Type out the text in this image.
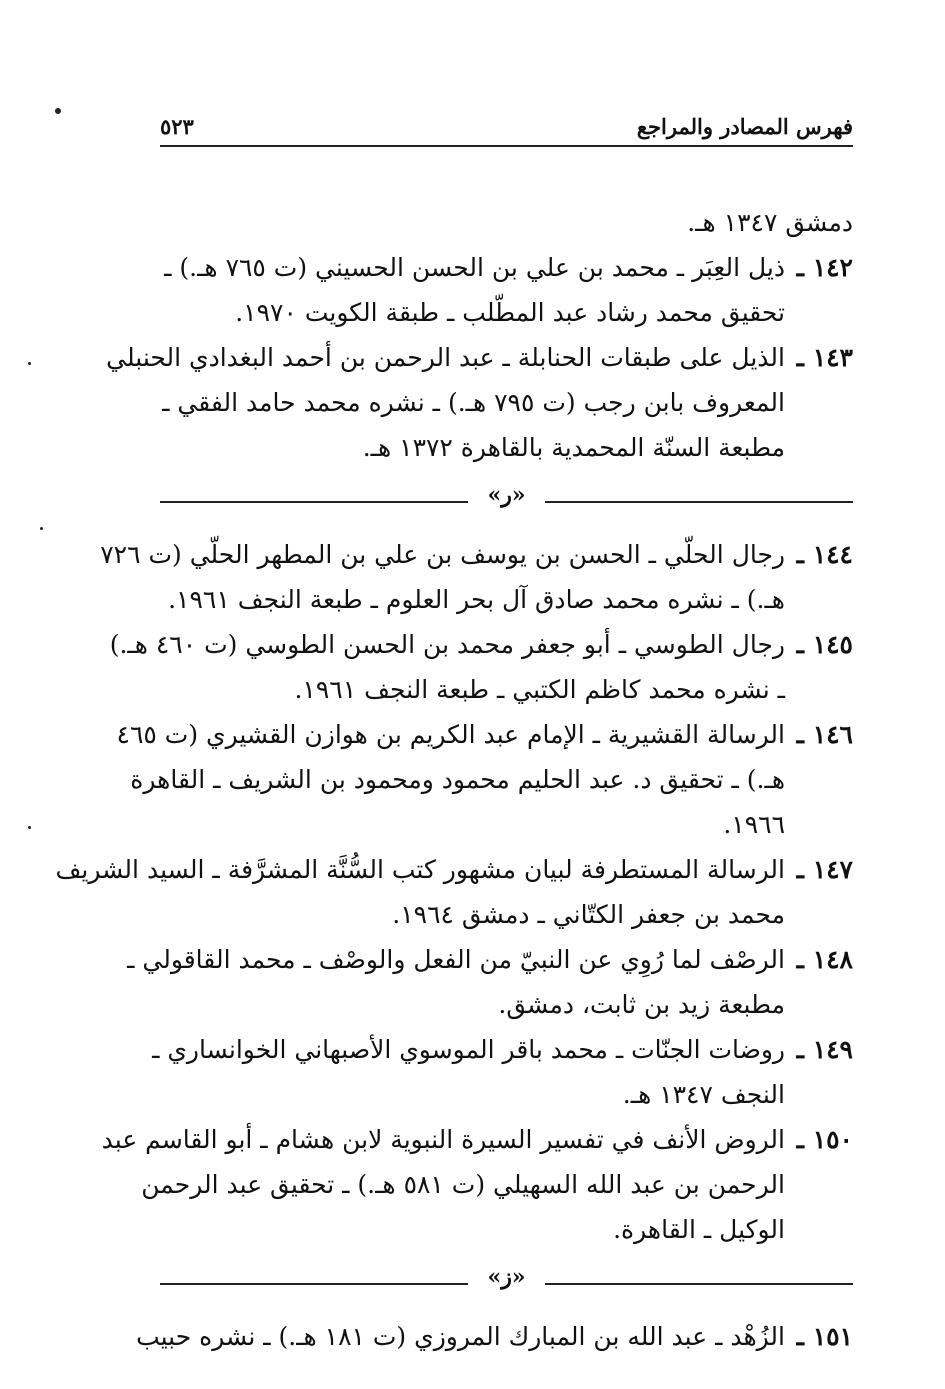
فهرس المصادر والمراجع
٥٢٣
دمشق ١٣٤٧ هـ.
١٤٢ ـ
ذيل العِبَر ـ محمد بن علي بن الحسن الحسيني (ت ٧٦٥ هـ.) ـ
تحقيق محمد رشاد عبد المطّلب ـ طبقة الكويت ١٩٧٠.
١٤٣ ـ
الذيل على طبقات الحنابلة ـ عبد الرحمن بن أحمد البغدادي الحنبلي
المعروف بابن رجب (ت ٧٩٥ هـ.) ـ نشره محمد حامد الفقي ـ
مطبعة السنّة المحمدية بالقاهرة ١٣٧٢ هـ.
«ر»
١٤٤ ـ
رجال الحلّي ـ الحسن بن يوسف بن علي بن المطهر الحلّي (ت ٧٢٦
هـ.) ـ نشره محمد صادق آل بحر العلوم ـ طبعة النجف ١٩٦١.
١٤٥ ـ
رجال الطوسي ـ أبو جعفر محمد بن الحسن الطوسي (ت ٤٦٠ هـ.)
ـ نشره محمد كاظم الكتبي ـ طبعة النجف ١٩٦١.
١٤٦ ـ
الرسالة القشيرية ـ الإمام عبد الكريم بن هوازن القشيري (ت ٤٦٥
هـ.) ـ تحقيق د. عبد الحليم محمود ومحمود بن الشريف ـ القاهرة
١٩٦٦.
١٤٧ ـ
الرسالة المستطرفة لبيان مشهور كتب السُّنَّة المشرَّفة ـ السيد الشريف
محمد بن جعفر الكتّاني ـ دمشق ١٩٦٤.
١٤٨ ـ
الرصْف لما رُوِي عن النبيّ من الفعل والوصْف ـ محمد القاقولي ـ
مطبعة زيد بن ثابت، دمشق.
١٤٩ ـ
روضات الجنّات ـ محمد باقر الموسوي الأصبهاني الخوانساري ـ
النجف ١٣٤٧ هـ.
١٥٠ ـ
الروض الأنف في تفسير السيرة النبوية لابن هشام ـ أبو القاسم عبد
الرحمن بن عبد الله السهيلي (ت ٥٨١ هـ.) ـ تحقيق عبد الرحمن
الوكيل ـ القاهرة.
«ز»
١٥١ ـ
الزُهْد ـ عبد الله بن المبارك المروزي (ت ١٨١ هـ.) ـ نشره حبيب
